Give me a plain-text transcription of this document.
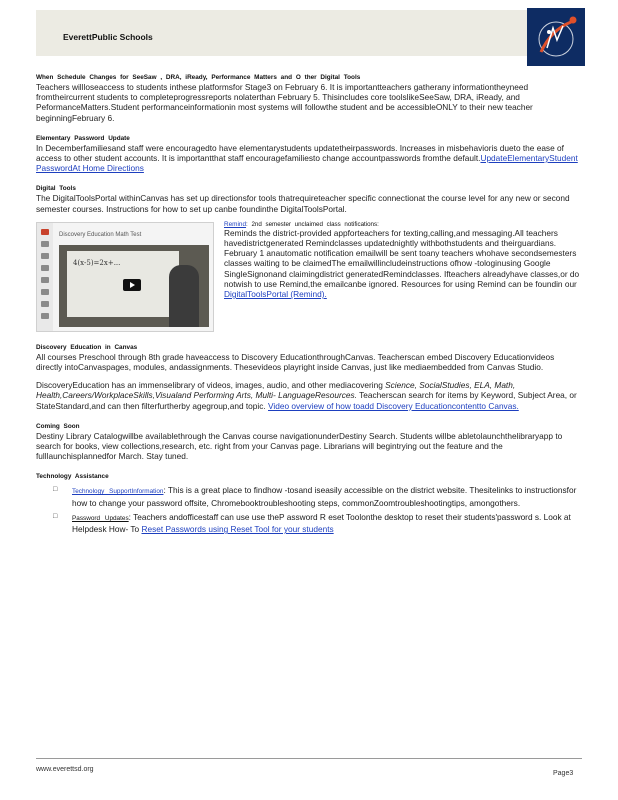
EverettPublic Schools

When Schedule Changes for SeeSaw , DRA, iReady, Performance Matters and O ther Digital Tools

Teachers willloseaccess to students inthese platformsfor Stage3 on February 6. It is importantteachers gatherany informationtheyneed fromtheircurrent students to completeprogressreports nolaterthan February 5. Thisincludes core toolslikeSeeSaw, DRA, iReady, and PeformanceMatters.Student performanceinformationin most systems will followthe student and be accessibleONLY to their new teacher beginningFebruary 6.

Elementary Password Update

In Decemberfamiliesand staff were encouragedto have elementarystudents updatetheirpasswords. Increases in misbehavioris dueto the ease of access to other student accounts. It is importantthat staff encouragefamiliesto change accountpasswords fromthe default.UpdateElementaryStudent PasswordAt Home Directions

Digital Tools

The DigitalToolsPortal withinCanvas has set up directionsfor tools thatrequireteacher specific connectionat the course level for any new or second semester courses. Instructions for how to set up canbe foundinthe DigitalToolsPortal.

Discovery Education Math Test
4(x-5)=2x+...
Remind: 2nd semester unclaimed class notifications:

Reminds the district-provided appforteachers for texting,calling,and messaging.All teachers havedistrictgenerated Remindclasses updatednightly withbothstudents and theirguardians. February 1 anautomatic notification emailwill be sent toany teachers whohave secondsemesters classes waiting to be claimedThe emailwillincludeinstructions ofhow -tologinusing Google SingleSignonand claimingdistrict generatedRemindclasses. Ifteachers alreadyhave classes,or do notwish to use Remind,the emailcanbe ignored. Resources for using Remind can be foundin our DigitalToolsPortal (Remind).

Discovery Education in Canvas

All courses Preschool through 8th grade haveaccess to Discovery EducationthroughCanvas. Teacherscan embed Discovery Educationvideos directly intoCanvaspages, modules, andassignments. Thesevideos playright inside Canvas, just like mediaembedded from Canvas Studio.

DiscoveryEducation has an immenselibrary of videos, images, audio, and other mediacovering Science, SocialStudies, ELA, Math, Health,Careers/WorkplaceSkills,Visualand Performing Arts, Multi- LanguageResources. Teacherscan search for items by Keyword, Subject Area, or StateStandard,and can then filterfurtherby agegroup,and topic. Video overview of how toadd Discovery Educationcontentto Canvas.

Coming Soon

Destiny Library Catalogwillbe availablethrough the Canvas course navigationunderDestiny Search. Students willbe abletolaunchthelibraryapp to search for books, view collections,research, etc. right from your Canvas page. Librarians will begintrying out the feature and the fulllaunchisplannedfor March. Stay tuned.

Technology Assistance

□ Technology SupportInformation: This is a great place to findhow -tosand iseasily accessible on the district website. Thesitelinks to instructionsfor how to change your password offsite, Chromebooktroubleshooting steps, commonZoomtroubleshootingtips, amongothers.
□ Password Updates: Teachers andofficestaff can use use theP assword R eset Toolonthe desktop to reset their students'password s. Look at Helpdesk How- To Reset Passwords using Reset Tool for your students
www.everettsd.org
Page3
